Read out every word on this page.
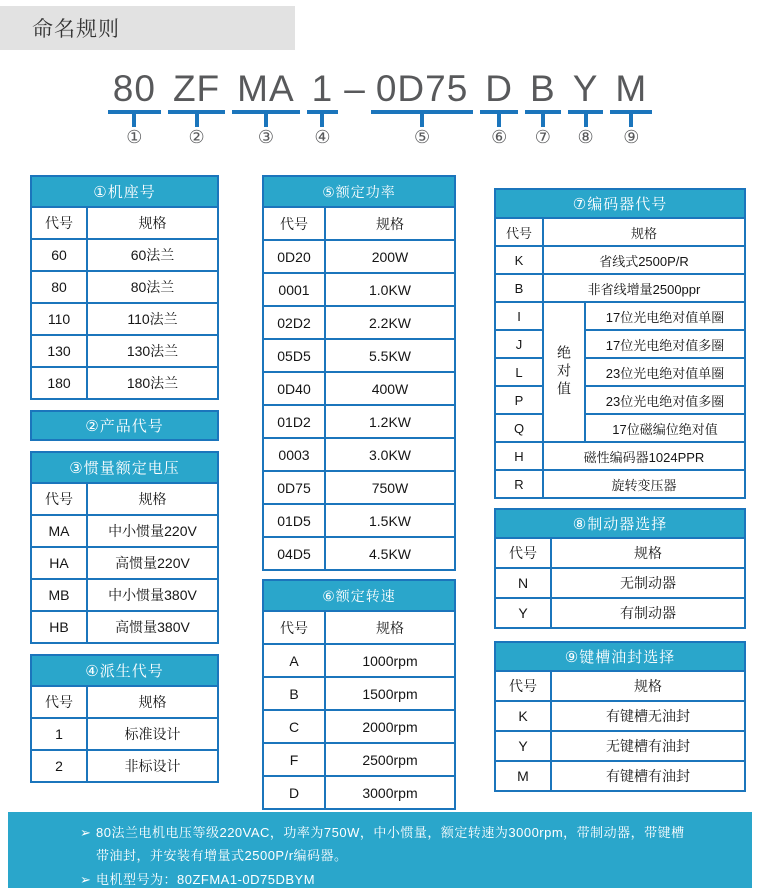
命名规则
80
①
ZF
②
MA
③
1
④
– 0D75
⑤
D
⑥
B
⑦
Y
⑧
M
⑨
①机座号	
代号	规格
60	60法兰
80	80法兰
110	110法兰
130	130法兰
180	180法兰
②产品代号
③惯量额定电压	
代号	规格
MA	中小惯量220V
HA	高惯量220V
MB	中小惯量380V
HB	高惯量380V
④派生代号	
代号	规格
1	标准设计
2	非标设计
⑤额定功率	
代号	规格
0D20	200W
0001	1.0KW
02D2	2.2KW
05D5	5.5KW
0D40	400W
01D2	1.2KW
0003	3.0KW
0D75	750W
01D5	1.5KW
04D5	4.5KW
⑥额定转速	
代号	规格
A	1000rpm
B	1500rpm
C	2000rpm
F	2500rpm
D	3000rpm
⑦编码器代号		
代号	规格	
K	省线式2500P/R	
B	非省线增量2500ppr	
I	绝对值	17位光电绝对值单圈
J		17位光电绝对值多圈
L		23位光电绝对值单圈
P		23位光电绝对值多圈
Q		17位磁编位绝对值
H	磁性编码器1024PPR	
R	旋转变压器	
⑧制动器选择	
代号	规格
N	无制动器
Y	有制动器
⑨键槽油封选择	
代号	规格
K	有键槽无油封
Y	无键槽有油封
M	有键槽有油封
➢ 80法兰电机电压等级220VAC，功率为750W，中小惯量，额定转速为3000rpm，带制动器，带键槽带油封，并安装有增量式2500P/r编码器。
➢ 电机型号为：80ZFMA1-0D75DBYM
